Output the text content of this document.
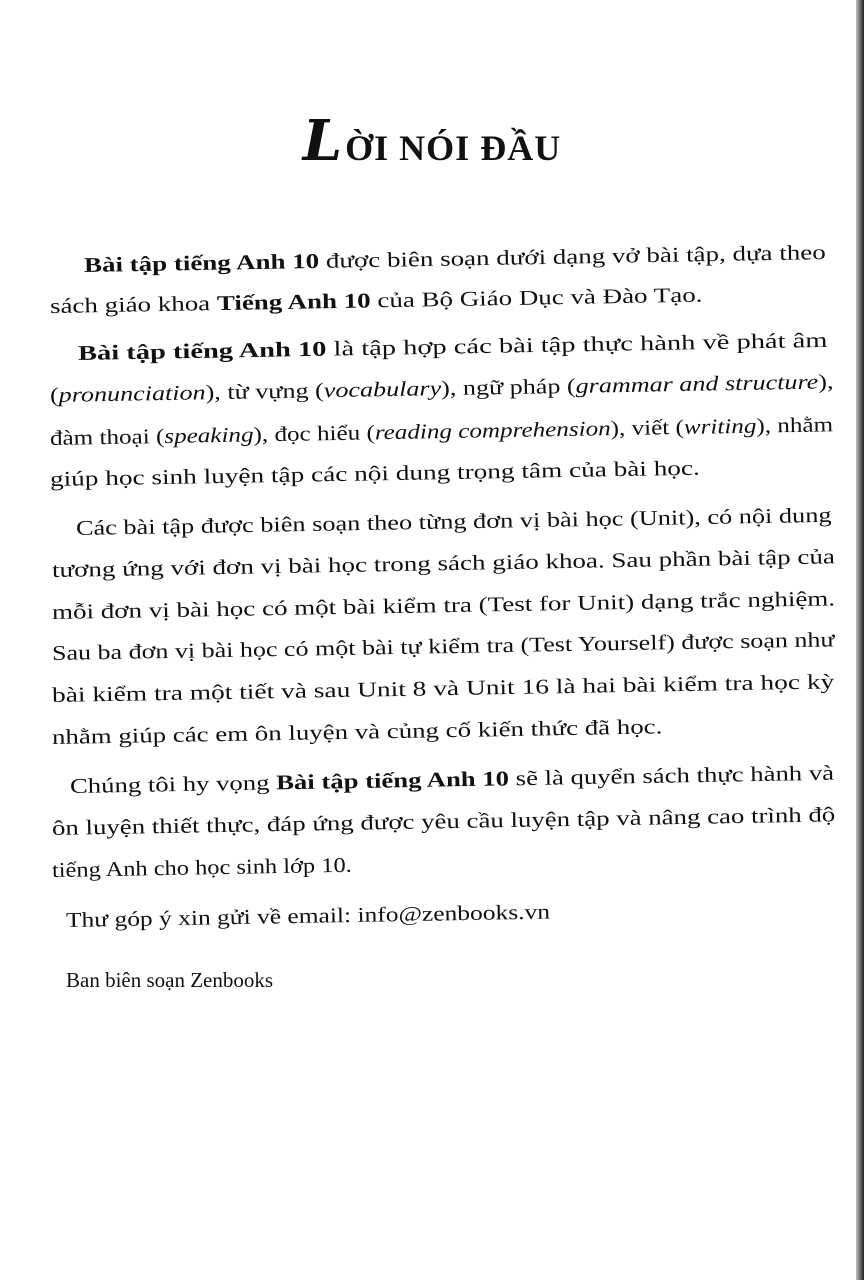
LỜI NÓI ĐẦU
Bài tập tiếng Anh 10 được biên soạn dưới dạng vở bài tập, dựa theo
sách giáo khoa Tiếng Anh 10 của Bộ Giáo Dục và Đào Tạo.
Bài tập tiếng Anh 10 là tập hợp các bài tập thực hành về phát âm
(pronunciation), từ vựng (vocabulary), ngữ pháp (grammar and structure),
đàm thoại (speaking), đọc hiểu (reading comprehension), viết (writing), nhằm
giúp học sinh luyện tập các nội dung trọng tâm của bài học.
Các bài tập được biên soạn theo từng đơn vị bài học (Unit), có nội dung
tương ứng với đơn vị bài học trong sách giáo khoa. Sau phần bài tập của
mỗi đơn vị bài học có một bài kiểm tra (Test for Unit) dạng trắc nghiệm.
Sau ba đơn vị bài học có một bài tự kiểm tra (Test Yourself) được soạn như
bài kiểm tra một tiết và sau Unit 8 và Unit 16 là hai bài kiểm tra học kỳ
nhằm giúp các em ôn luyện và củng cố kiến thức đã học.
Chúng tôi hy vọng Bài tập tiếng Anh 10 sẽ là quyển sách thực hành và
ôn luyện thiết thực, đáp ứng được yêu cầu luyện tập và nâng cao trình độ
tiếng Anh cho học sinh lớp 10.
Thư góp ý xin gửi về email: info@zenbooks.vn
Ban biên soạn Zenbooks
